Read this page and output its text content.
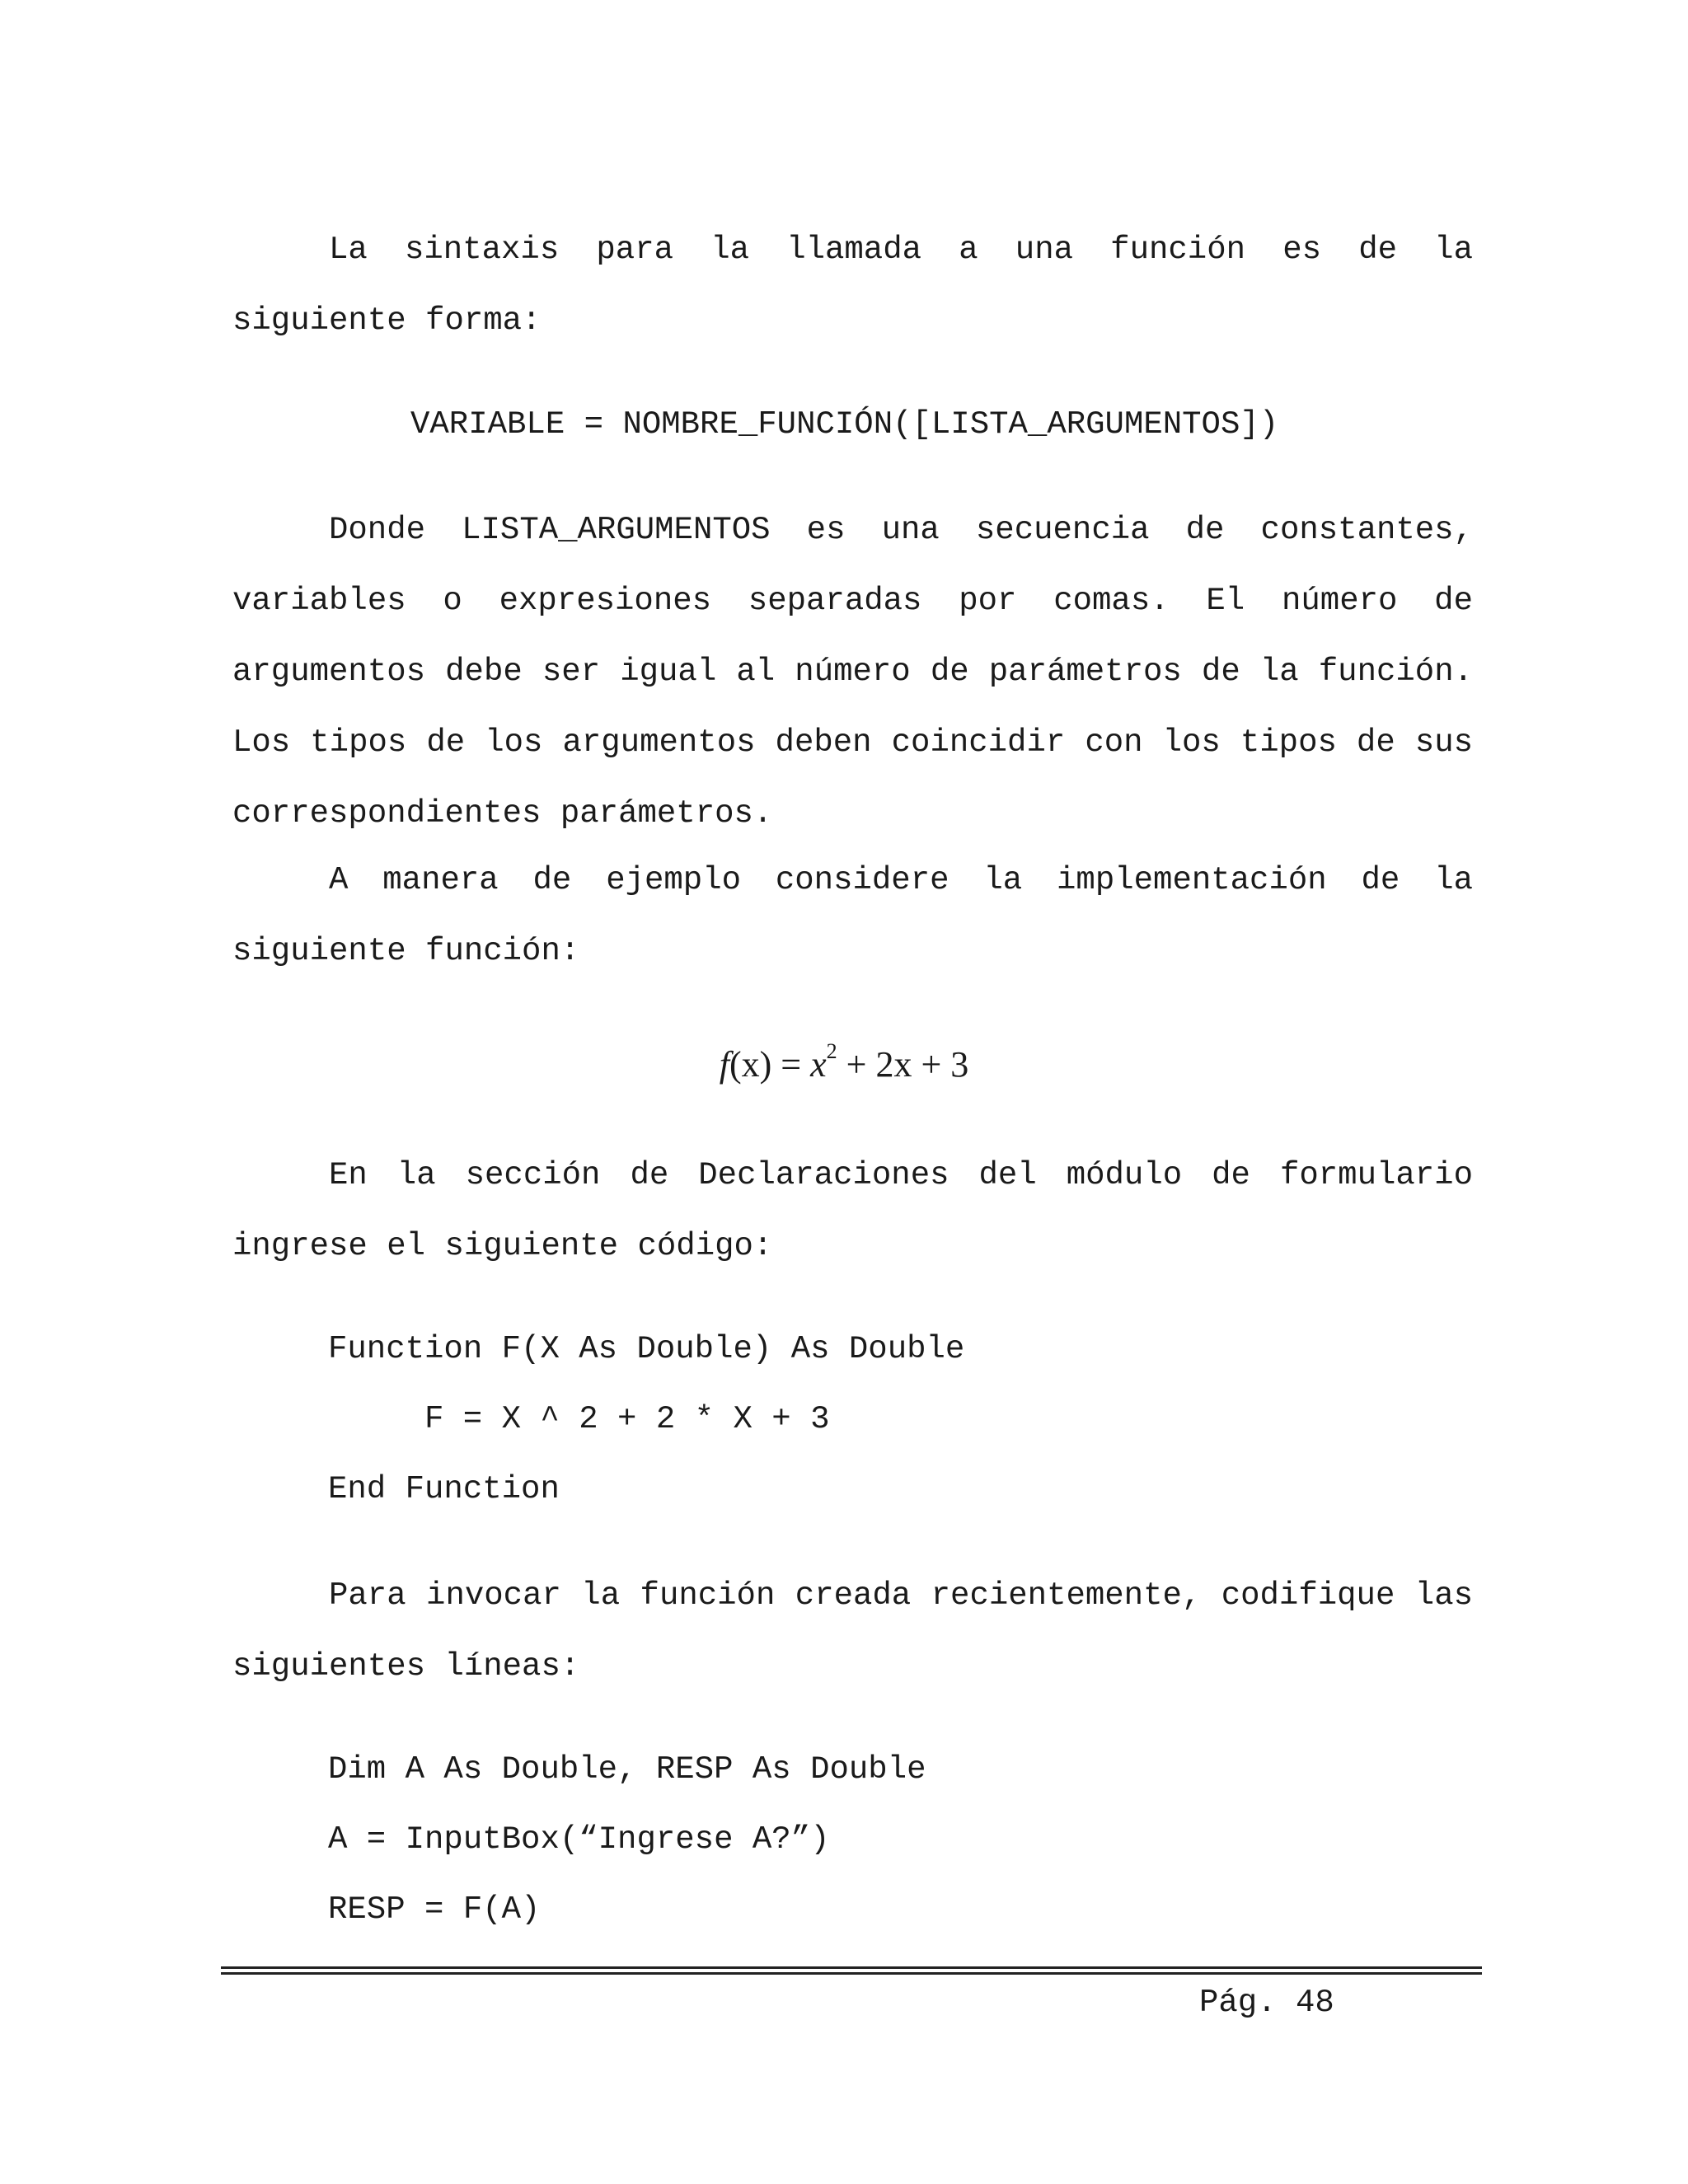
La sintaxis para la llamada a una función es de la siguiente forma:

VARIABLE = NOMBRE_FUNCIÓN([LISTA_ARGUMENTOS])

Donde LISTA_ARGUMENTOS es una secuencia de constantes, variables o expresiones separadas por comas. El número de argumentos debe ser igual al número de parámetros de la función. Los tipos de los argumentos deben coincidir con los tipos de sus correspondientes parámetros.

A manera de ejemplo considere la implementación de la siguiente función:

$f(x) = x^2 + 2x + 3$

En la sección de Declaraciones del módulo de formulario ingrese el siguiente código:

Function F(X As Double) As Double
F = X ^ 2 + 2 * X + 3
End Function

Para invocar la función creada recientemente, codifique las siguientes líneas:

Dim A As Double, RESP As Double
A = InputBox(“Ingrese A?”)
RESP = F(A)
Pág. 48
